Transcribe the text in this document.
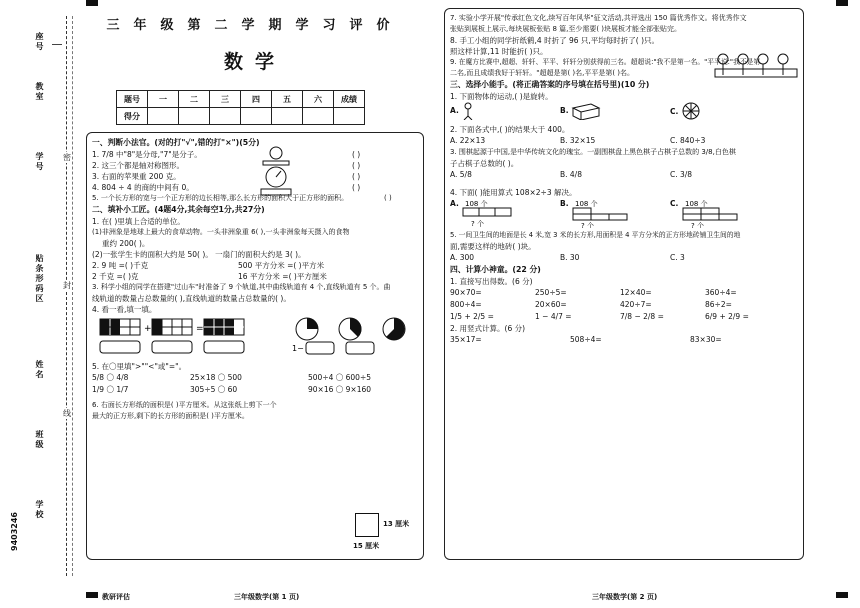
座号
教室
学号
贴条形码区
姓名
班级
学校
密
封
线
9403246
三年级第二学期学习评价
数学
题号	一	二	三	四	五	六	成绩
得分							
一、判断小法官。(对的打"√",错的打"×")(5分)
1. 7/8 中"8"是分母,"7"是分子。	( )
2. 这三个都是轴对称图形。	( )
3. 右面的苹果重 200 克。	( )
4. 804 ÷ 4 的商的中间有 0。	( )
5. 一个长方形的宽与一个正方形的边长相等,那么长方形的面积大于正方形的面积。	( )
二、填补小工匠。(4题4分,其余每空1分,共27分)
1. 在( )里填上合适的单位。
(1)非洲象是地球上最大的食草动物。一头非洲象重 6( ),一头非洲象每天摄入的食物
重约 200( )。
(2)一张学生卡的面积大约是 50( )。 一扇门的面积大约是 3( )。
2. 9 吨 =( )千克	500 平方分米 =( )平方米
2 千克 =( )克	16 平方分米 =( )平方厘米
3. 科学小组的同学在搭建"过山车"时准备了 9 个轨道,其中曲线轨道有 4 个,直线轨道有 5 个。曲
线轨道的数量占总数量的( ),直线轨道的数量占总数量的( )。
4. 看一看,填一填。
+	=
1−
5. 在〇里填">""<"或"="。
5/8 〇 4/8	25×18 〇 500	500÷4 〇 600÷5
1/9 〇 1/7	305÷5 〇 60	90×16 〇 9×160
6. 右面长方形纸的面积是( )平方厘米。从这张纸上剪下一个
最大的正方形,剩下的长方形的面积是( )平方厘米。
13 厘米
15 厘米
教研评估	三年级数学(第 1 页)
7. 实验小学开展"传承红色文化,续写百年风华"征文活动,共评选出 150 篇优秀作文。将优秀作文
张贴到展板上展示,每块展板张贴 8 篇,至少需要( )块展板才能全部张贴完。
8. 手工小组的同学折纸鹤,4 时折了 96 只,平均每时折了( )只。
照这样计算,11 时能折( )只。
9. 在魔方比赛中,超超、轩轩、平平、轩轩分别获得前三名。超超说:"我不是第一名。"平平说:"我不是第
二名,而且成绩我好于轩轩。"超超是第( )名,平平是第( )名。
三、选择小能手。(将正确答案的序号填在括号里)(10 分)
1. 下面物体的运动,( )是旋转。
A.	B.	C.
2. 下面各式中,( )的结果大于 400。
A. 22×13	B. 32×15	C. 840÷3
3. 围棋起源于中国,是中华传统文化的瑰宝。一副围棋盘上黑色棋子占棋子总数的 3/8,白色棋
子占棋子总数的( )。
A. 5/8	B. 4/8	C. 3/8
4. 下面( )能用算式 108×2÷3 解决。
A. 108 个
? 个
B. 108 个
? 个
C. 108 个
? 个
5. 一间卫生间的地面是长 4 米,宽 3 米的长方形,用面积是 4 平方分米的正方形地砖铺卫生间的地
面,需要这样的地砖( )块。
A. 300	B. 30	C. 3
四、计算小神童。(22 分)
1. 直接写出得数。(6 分)
90×70=	250÷5=	12×40=	360÷4=
800÷4=	20×60=	420÷7=	86÷2=
1/5 + 2/5 =	1 − 4/7 =	7/8 − 2/8 =	6/9 + 2/9 =
2. 用竖式计算。(6 分)
35×17=	508÷4=	83×30=
三年级数学(第 2 页)
